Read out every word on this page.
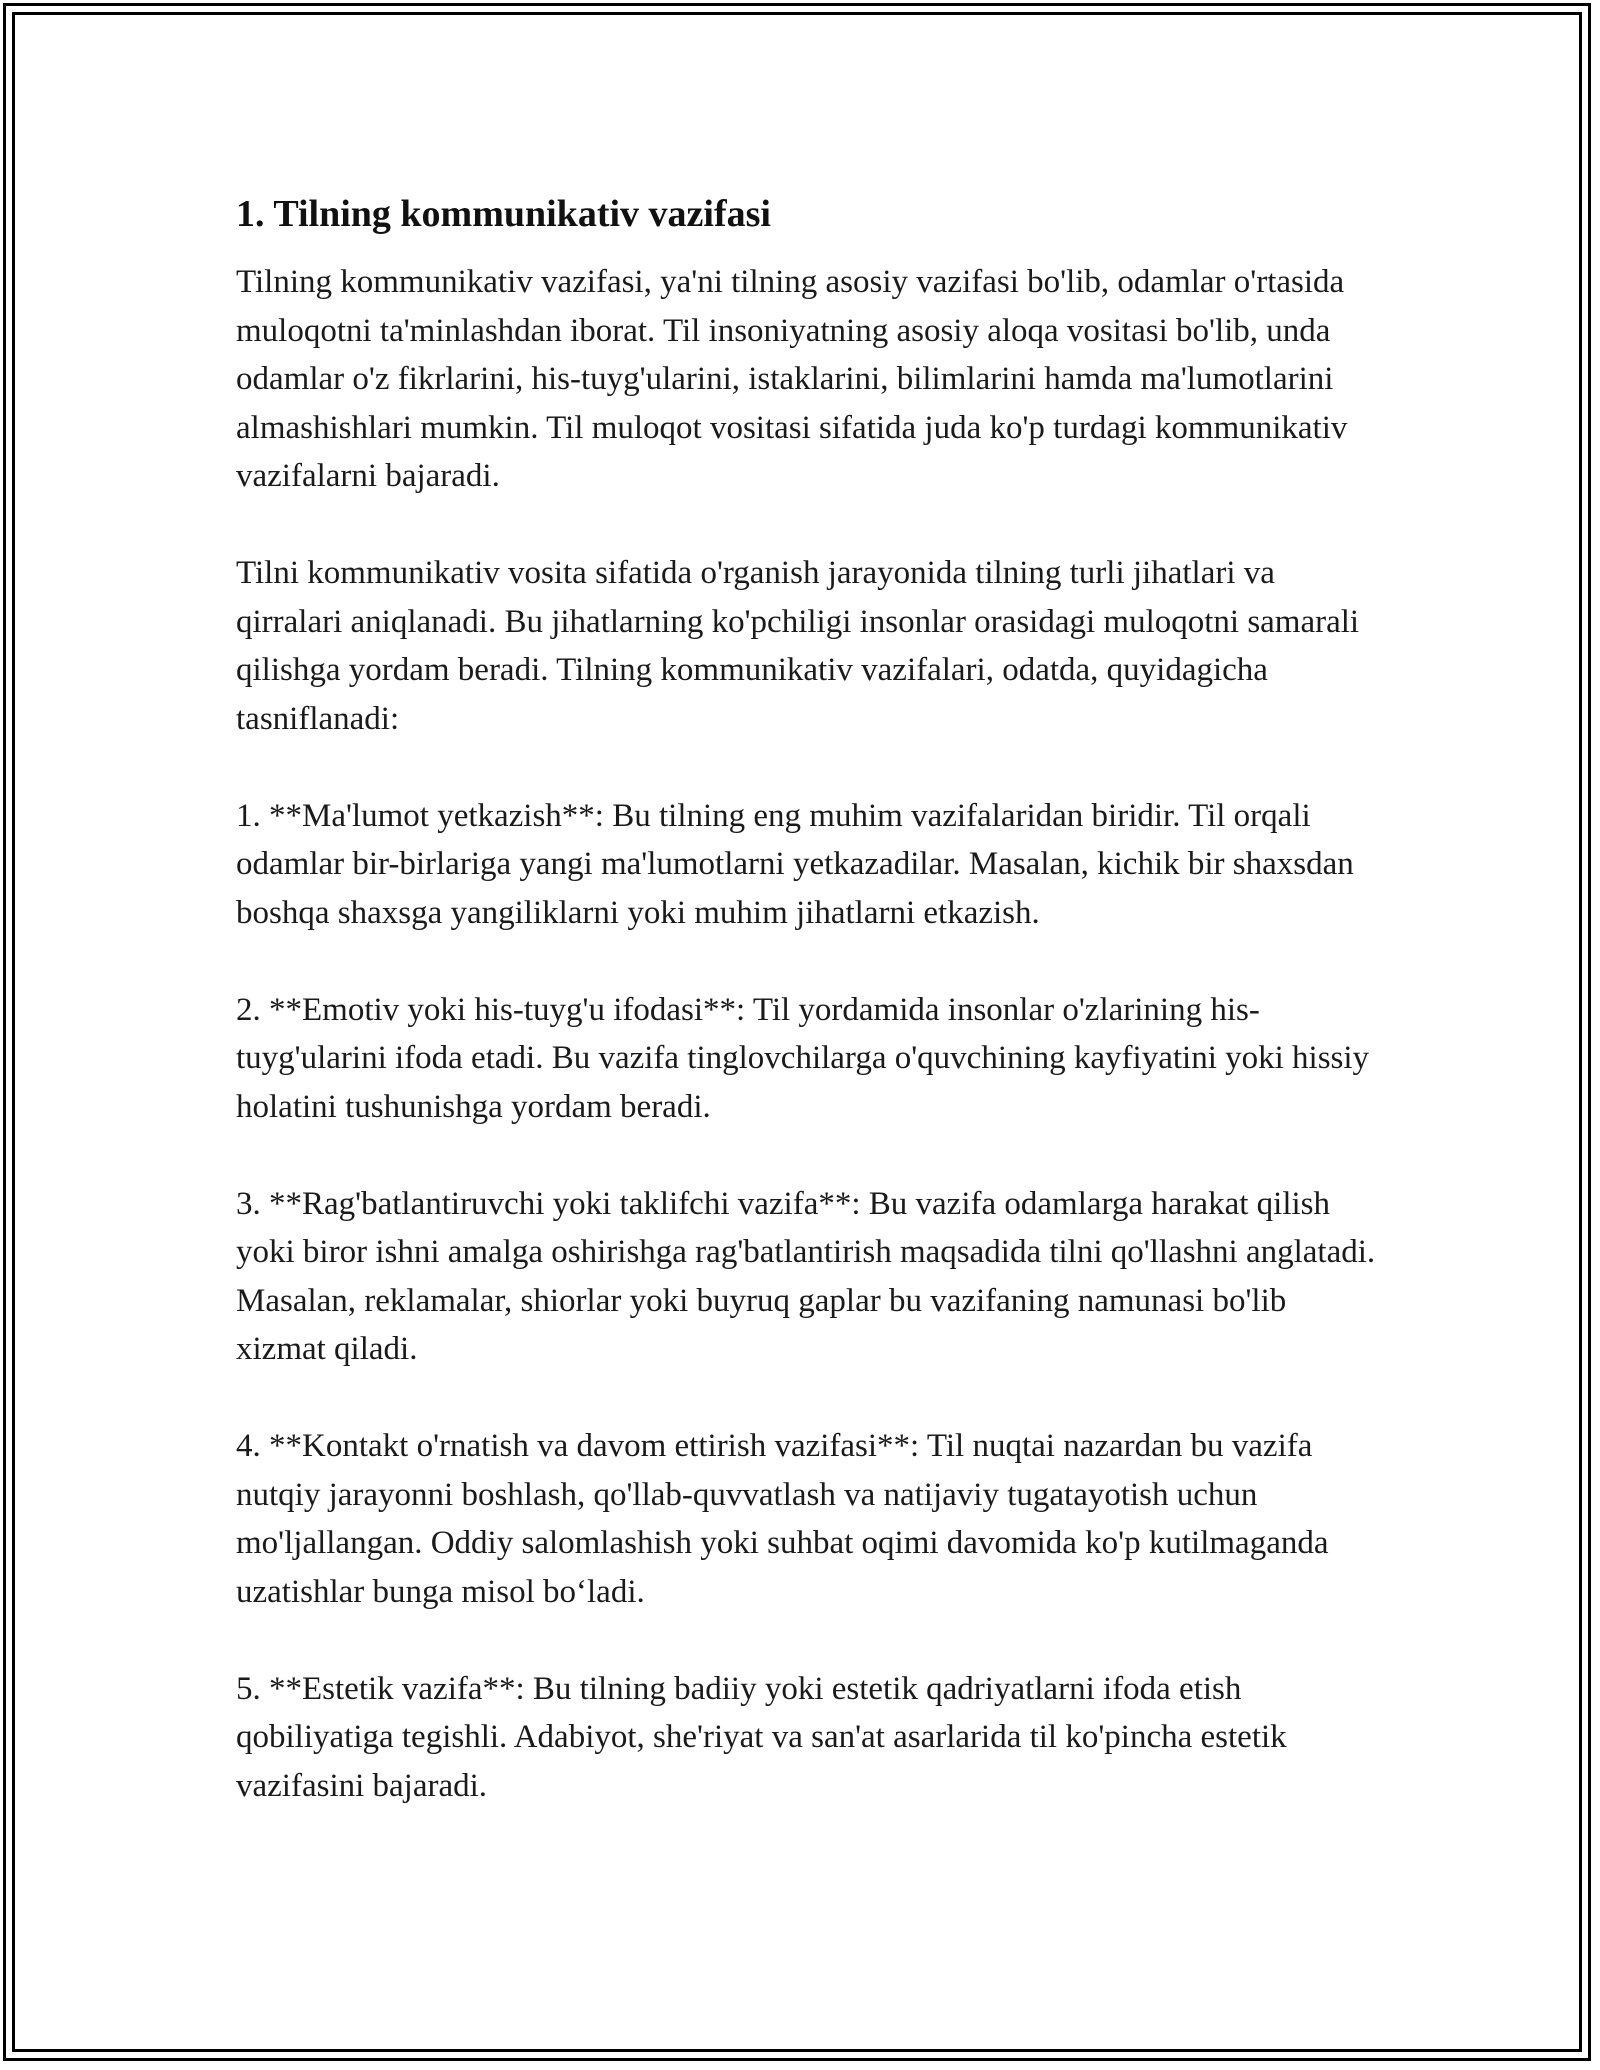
1. Tilning kommunikativ vazifasi

Tilning kommunikativ vazifasi, ya'ni tilning asosiy vazifasi bo'lib, odamlar o'rtasida muloqotni ta'minlashdan iborat. Til insoniyatning asosiy aloqa vositasi bo'lib, unda odamlar o'z fikrlarini, his-tuyg'ularini, istaklarini, bilimlarini hamda ma'lumotlarini almashishlari mumkin. Til muloqot vositasi sifatida juda ko'p turdagi kommunikativ vazifalarni bajaradi.

Tilni kommunikativ vosita sifatida o'rganish jarayonida tilning turli jihatlari va qirralari aniqlanadi. Bu jihatlarning ko'pchiligi insonlar orasidagi muloqotni samarali qilishga yordam beradi. Tilning kommunikativ vazifalari, odatda, quyidagicha tasniflanadi:

1. **Ma'lumot yetkazish**: Bu tilning eng muhim vazifalaridan biridir. Til orqali odamlar bir-birlariga yangi ma'lumotlarni yetkazadilar. Masalan, kichik bir shaxsdan boshqa shaxsga yangiliklarni yoki muhim jihatlarni etkazish.

2. **Emotiv yoki his-tuyg'u ifodasi**: Til yordamida insonlar o'zlarining his-tuyg'ularini ifoda etadi. Bu vazifa tinglovchilarga o'quvchining kayfiyatini yoki hissiy holatini tushunishga yordam beradi.

3. **Rag'batlantiruvchi yoki taklifchi vazifa**: Bu vazifa odamlarga harakat qilish yoki biror ishni amalga oshirishga rag'batlantirish maqsadida tilni qo'llashni anglatadi. Masalan, reklamalar, shiorlar yoki buyruq gaplar bu vazifaning namunasi bo'lib xizmat qiladi.

4. **Kontakt o'rnatish va davom ettirish vazifasi**: Til nuqtai nazardan bu vazifa nutqiy jarayonni boshlash, qo'llab-quvvatlash va natijaviy tugatayotish uchun mo'ljallangan. Oddiy salomlashish yoki suhbat oqimi davomida ko'p kutilmaganda uzatishlar bunga misol bo‘ladi.

5. **Estetik vazifa**: Bu tilning badiiy yoki estetik qadriyatlarni ifoda etish qobiliyatiga tegishli. Adabiyot, she'riyat va san'at asarlarida til ko'pincha estetik vazifasini bajaradi.
